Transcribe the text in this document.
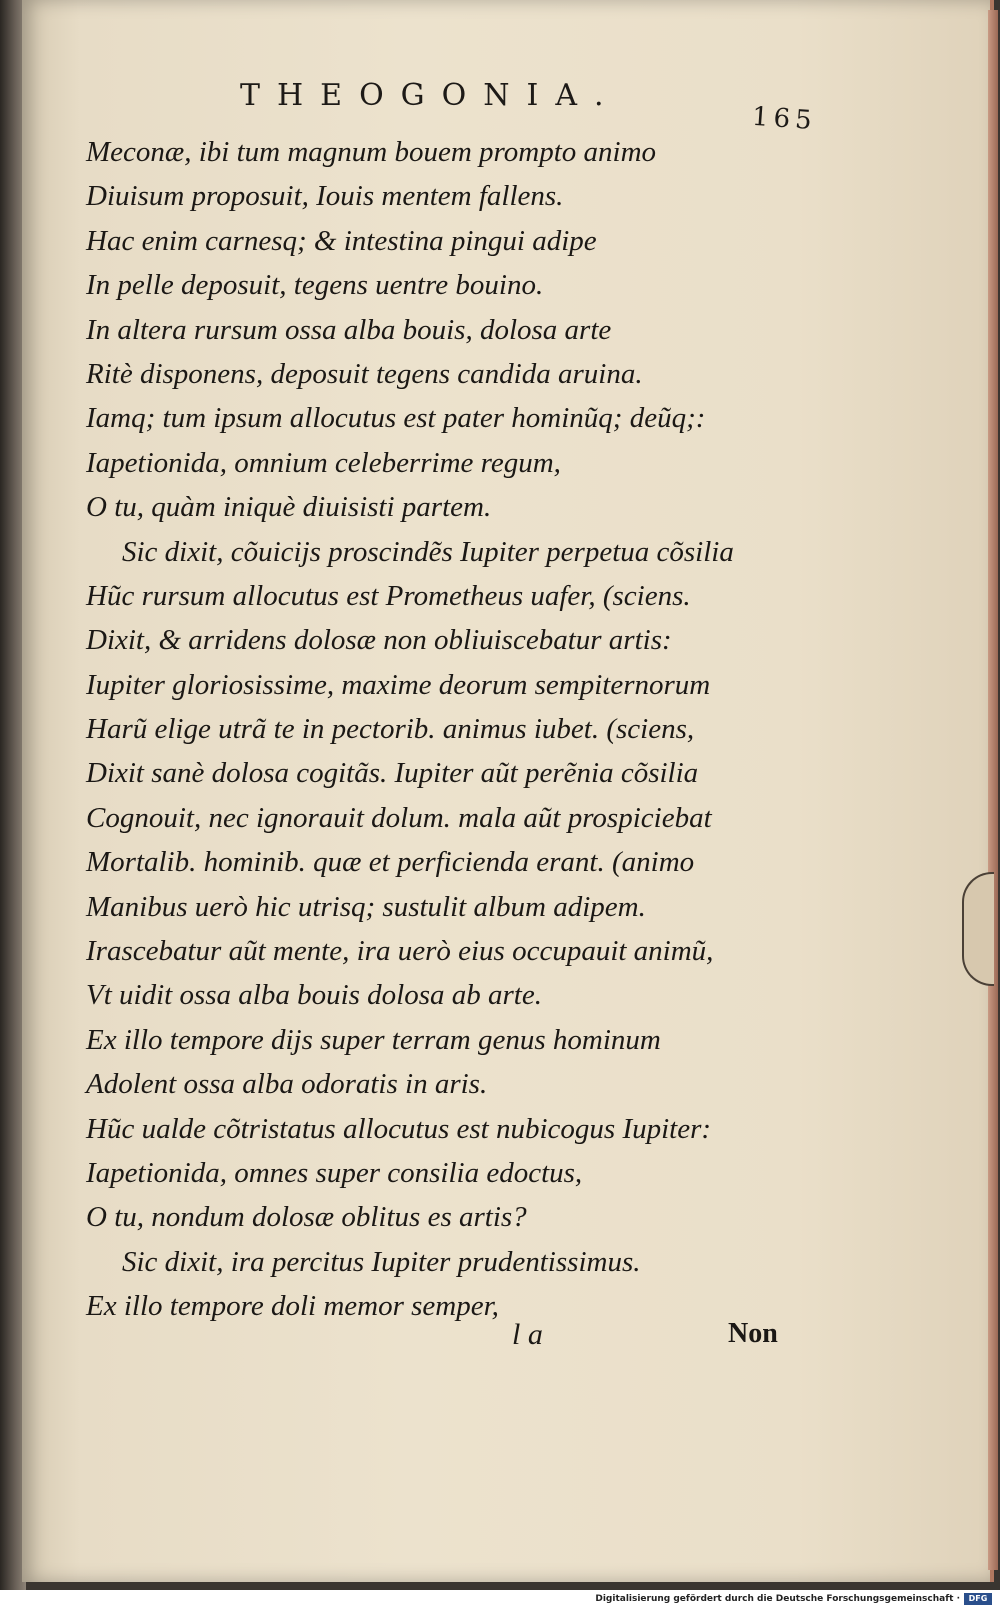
THEOGONIA.
165
Meconæ, ibi tum magnum bouem prompto animo
Diuisum proposuit, Iouis mentem fallens.
Hac enim carnesq; & intestina pingui adipe
In pelle deposuit, tegens uentre bouino.
In altera rursum ossa alba bouis, dolosa arte
Ritè disponens, deposuit tegens candida aruina.
Iamq; tum ipsum allocutus est pater hominũq; deũq;:
Iapetionida, omnium celeberrime regum,
O tu, quàm iniquè diuisisti partem.
Sic dixit, cõuicijs proscindẽs Iupiter perpetua cõsilia
Hũc rursum allocutus est Prometheus uafer, (sciens.
Dixit, & arridens dolosæ non obliuiscebatur artis:
Iupiter gloriosissime, maxime deorum sempiternorum
Harũ elige utrã te in pectorib. animus iubet. (sciens,
Dixit sanè dolosa cogitãs. Iupiter aũt perẽnia cõsilia
Cognouit, nec ignorauit dolum. mala aũt prospiciebat
Mortalib. hominib. quæ et perficienda erant. (animo
Manibus uerò hic utrisq; sustulit album adipem.
Irascebatur aũt mente, ira uerò eius occupauit animũ,
Vt uidit ossa alba bouis dolosa ab arte.
Ex illo tempore dijs super terram genus hominum
Adolent ossa alba odoratis in aris.
Hũc ualde cõtristatus allocutus est nubicogus Iupiter:
Iapetionida, omnes super consilia edoctus,
O tu, nondum dolosæ oblitus es artis?
Sic dixit, ira percitus Iupiter prudentissimus.
Ex illo tempore doli memor semper,
l a	Non
Digitalisierung gefördert durch die Deutsche Forschungsgemeinschaft ·	DFG
